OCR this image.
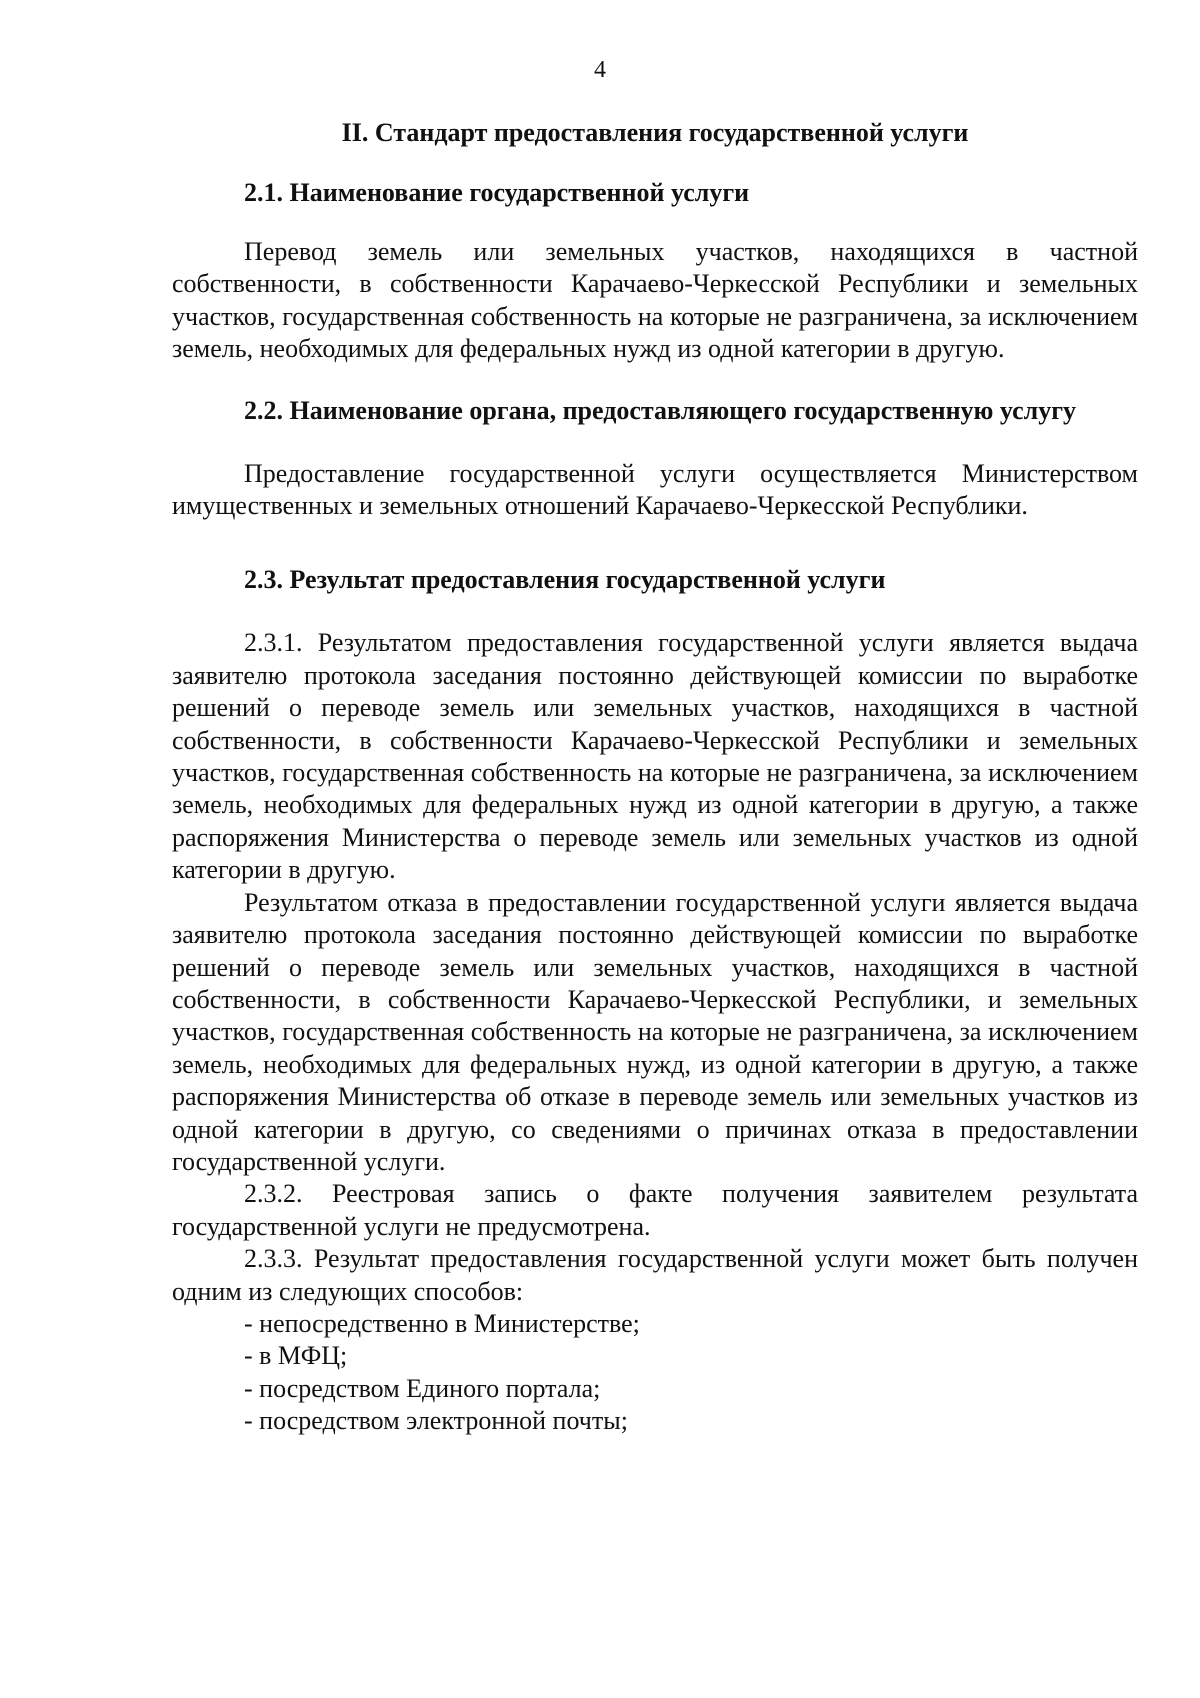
4
II. Стандарт предоставления государственной услуги
2.1. Наименование государственной услуги

Перевод земель или земельных участков, находящихся в частной собственности, в собственности Карачаево-Черкесской Республики и земельных участков, государственная собственность на которые не разграничена, за исключением земель, необходимых для федеральных нужд из одной категории в другую.

2.2. Наименование органа, предоставляющего государственную услугу

Предоставление государственной услуги осуществляется Министерством имущественных и земельных отношений Карачаево-Черкесской Республики.

2.3. Результат предоставления государственной услуги

2.3.1. Результатом предоставления государственной услуги является выдача заявителю протокола заседания постоянно действующей комиссии по выработке решений о переводе земель или земельных участков, находящихся в частной собственности, в собственности Карачаево-Черкесской Республики и земельных участков, государственная собственность на которые не разграничена, за исключением земель, необходимых для федеральных нужд из одной категории в другую, а также распоряжения Министерства о переводе земель или земельных участков из одной категории в другую.

Результатом отказа в предоставлении государственной услуги является выдача заявителю протокола заседания постоянно действующей комиссии по выработке решений о переводе земель или земельных участков, находящихся в частной собственности, в собственности Карачаево-Черкесской Республики, и земельных участков, государственная собственность на которые не разграничена, за исключением земель, необходимых для федеральных нужд, из одной категории в другую, а также распоряжения Министерства об отказе в переводе земель или земельных участков из одной категории в другую, со сведениями о причинах отказа в предоставлении государственной услуги.

2.3.2. Реестровая запись о факте получения заявителем результата государственной услуги не предусмотрена.

2.3.3. Результат предоставления государственной услуги может быть получен одним из следующих способов:

- непосредственно в Министерстве;

- в МФЦ;

- посредством Единого портала;

- посредством электронной почты;
